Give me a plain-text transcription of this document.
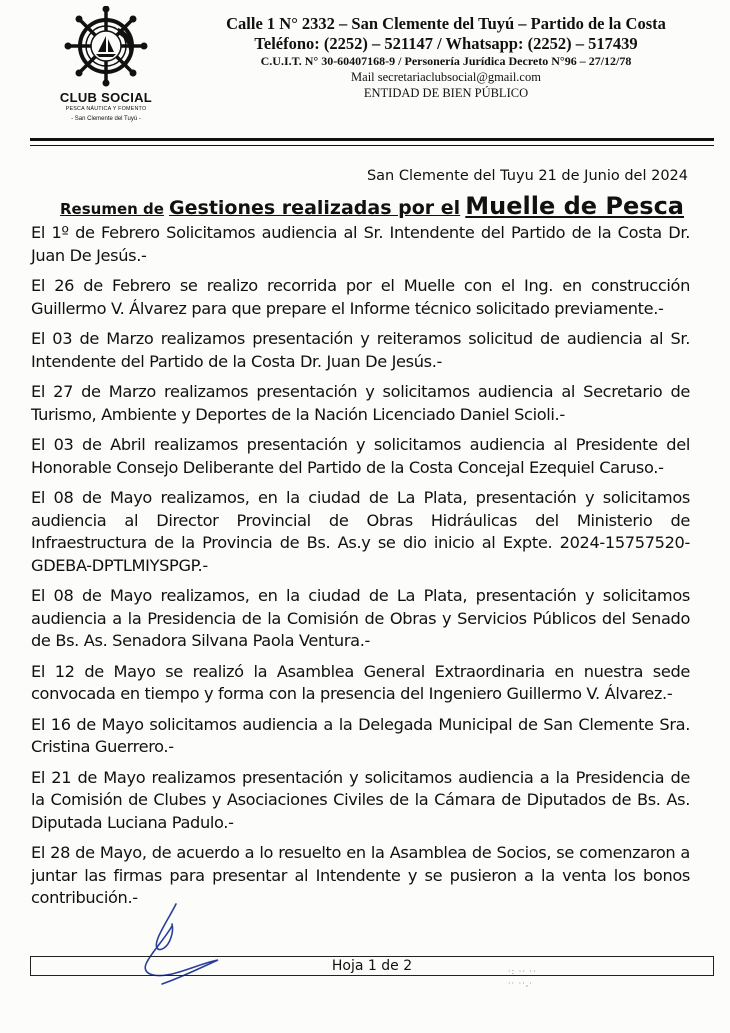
CLUB SOCIAL
PESCA NÁUTICA Y FOMENTO
- San Clemente del Tuyú -
Calle 1 N° 2332 – San Clemente del Tuyú – Partido de la Costa
Teléfono: (2252) – 521147 / Whatsapp: (2252) – 517439
C.U.I.T. N° 30-60407168-9 / Personería Jurídica Decreto N°96 – 27/12/78
Mail secretariaclubsocial@gmail.com
ENTIDAD DE BIEN PÚBLICO
San Clemente del Tuyu 21 de Junio del 2024
Resumen de Gestiones realizadas por el Muelle de Pesca

El 1º de Febrero Solicitamos audiencia al Sr. Intendente del Partido de la Costa Dr. Juan De Jesús.-

El 26 de Febrero se realizo recorrida por el Muelle con el Ing. en construcción Guillermo V. Álvarez para que prepare el Informe técnico solicitado previamente.-

El 03 de Marzo realizamos presentación y reiteramos solicitud de audiencia al Sr. Intendente del Partido de la Costa Dr. Juan De Jesús.-

El 27 de Marzo realizamos presentación y solicitamos audiencia al Secretario de Turismo, Ambiente y Deportes de la Nación Licenciado Daniel Scioli.-

El 03 de Abril realizamos presentación y solicitamos audiencia al Presidente del Honorable Consejo Deliberante del Partido de la Costa Concejal Ezequiel Caruso.-

El 08 de Mayo realizamos, en la ciudad de La Plata, presentación y solicitamos audiencia al Director Provincial de Obras Hidráulicas del Ministerio de Infraestructura de la Provincia de Bs. As.y se dio inicio al Expte. 2024-15757520-GDEBA-DPTLMIYSPGP.-

El 08 de Mayo realizamos, en la ciudad de La Plata, presentación y solicitamos audiencia a la Presidencia de la Comisión de Obras y Servicios Públicos del Senado de Bs. As. Senadora Silvana Paola Ventura.-

El 12 de Mayo se realizó la Asamblea General Extraordinaria en nuestra sede convocada en tiempo y forma con la presencia del Ingeniero Guillermo V. Álvarez.-

El 16 de Mayo solicitamos audiencia a la Delegada Municipal de San Clemente Sra. Cristina Guerrero.-

El 21 de Mayo realizamos presentación y solicitamos audiencia a la Presidencia de la Comisión de Clubes y Asociaciones Civiles de la Cámara de Diputados de Bs. As. Diputada Luciana Padulo.-

El 28 de Mayo, de acuerdo a lo resuelto en la Asamblea de Socios, se comenzaron a juntar las firmas para presentar al Intendente y se pusieron a la venta los bonos contribución.-

Hoja 1 de 2	·: ·· ··
·· ··,·
